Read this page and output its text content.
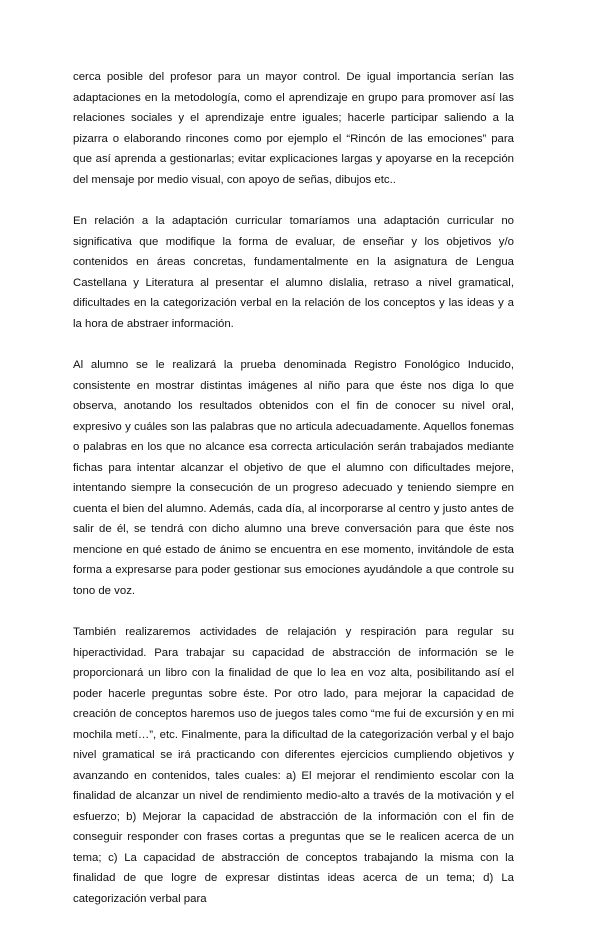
cerca posible del profesor para un mayor control. De igual importancia serían las adaptaciones en la metodología, como el aprendizaje en grupo para promover así las relaciones sociales y el aprendizaje entre iguales; hacerle participar saliendo a la pizarra o elaborando rincones como por ejemplo el “Rincón de las emociones” para que así aprenda a gestionarlas; evitar explicaciones largas y apoyarse en la recepción del mensaje por medio visual, con apoyo de señas, dibujos etc..

En relación a la adaptación curricular tomaríamos una adaptación curricular no significativa que modifique la forma de evaluar, de enseñar y los objetivos y/o contenidos en áreas concretas, fundamentalmente en la asignatura de Lengua Castellana y Literatura al presentar el alumno dislalia, retraso a nivel gramatical, dificultades en la categorización verbal en la relación de los conceptos y las ideas y a la hora de abstraer información.

Al alumno se le realizará la prueba denominada Registro Fonológico Inducido, consistente en mostrar distintas imágenes al niño para que éste nos diga lo que observa, anotando los resultados obtenidos con el fin de conocer su nivel oral, expresivo y cuáles son las palabras que no articula adecuadamente. Aquellos fonemas o palabras en los que no alcance esa correcta articulación serán trabajados mediante fichas para intentar alcanzar el objetivo de que el alumno con dificultades mejore, intentando siempre la consecución de un progreso adecuado y teniendo siempre en cuenta el bien del alumno. Además, cada día, al incorporarse al centro y justo antes de salir de él, se tendrá con dicho alumno una breve conversación para que éste nos mencione en qué estado de ánimo se encuentra en ese momento, invitándole de esta forma a expresarse para poder gestionar sus emociones ayudándole a que controle su tono de voz.

También realizaremos actividades de relajación y respiración para regular su hiperactividad. Para trabajar su capacidad de abstracción de información se le proporcionará un libro con la finalidad de que lo lea en voz alta, posibilitando así el poder hacerle preguntas sobre éste. Por otro lado, para mejorar la capacidad de creación de conceptos haremos uso de juegos tales como “me fui de excursión y en mi mochila metí…”, etc. Finalmente, para la dificultad de la categorización verbal y el bajo nivel gramatical se irá practicando con diferentes ejercicios cumpliendo objetivos y avanzando en contenidos, tales cuales: a) El mejorar el rendimiento escolar con la finalidad de alcanzar un nivel de rendimiento medio-alto a través de la motivación y el esfuerzo; b) Mejorar la capacidad de abstracción de la información con el fin de conseguir responder con frases cortas a preguntas que se le realicen acerca de un tema; c) La capacidad de abstracción de conceptos trabajando la misma con la finalidad de que logre de expresar distintas ideas acerca de un tema; d) La categorización verbal para
